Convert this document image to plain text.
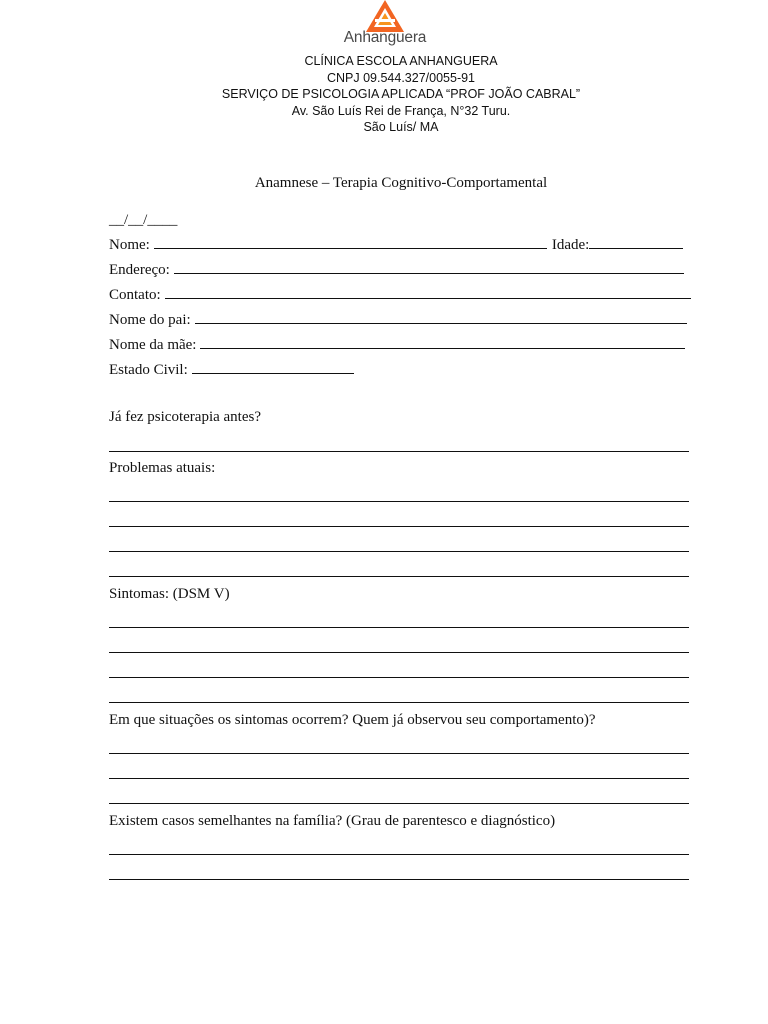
Anhanguera
CLÍNICA ESCOLA ANHANGUERA
CNPJ 09.544.327/0055-91
SERVIÇO DE PSICOLOGIA APLICADA “PROF JOÃO CABRAL”
Av. São Luís Rei de França, N°32 Turu.
São Luís/ MA
Anamnese – Terapia Cognitivo-Comportamental
__/__/____
Nome:	Idade:
Endereço:
Contato:
Nome do pai:
Nome da mãe:
Estado Civil:
Já fez psicoterapia antes?
Problemas atuais:
Sintomas: (DSM V)
Em que situações os sintomas ocorrem? Quem já observou seu comportamento)?
Existem casos semelhantes na família? (Grau de parentesco e diagnóstico)
